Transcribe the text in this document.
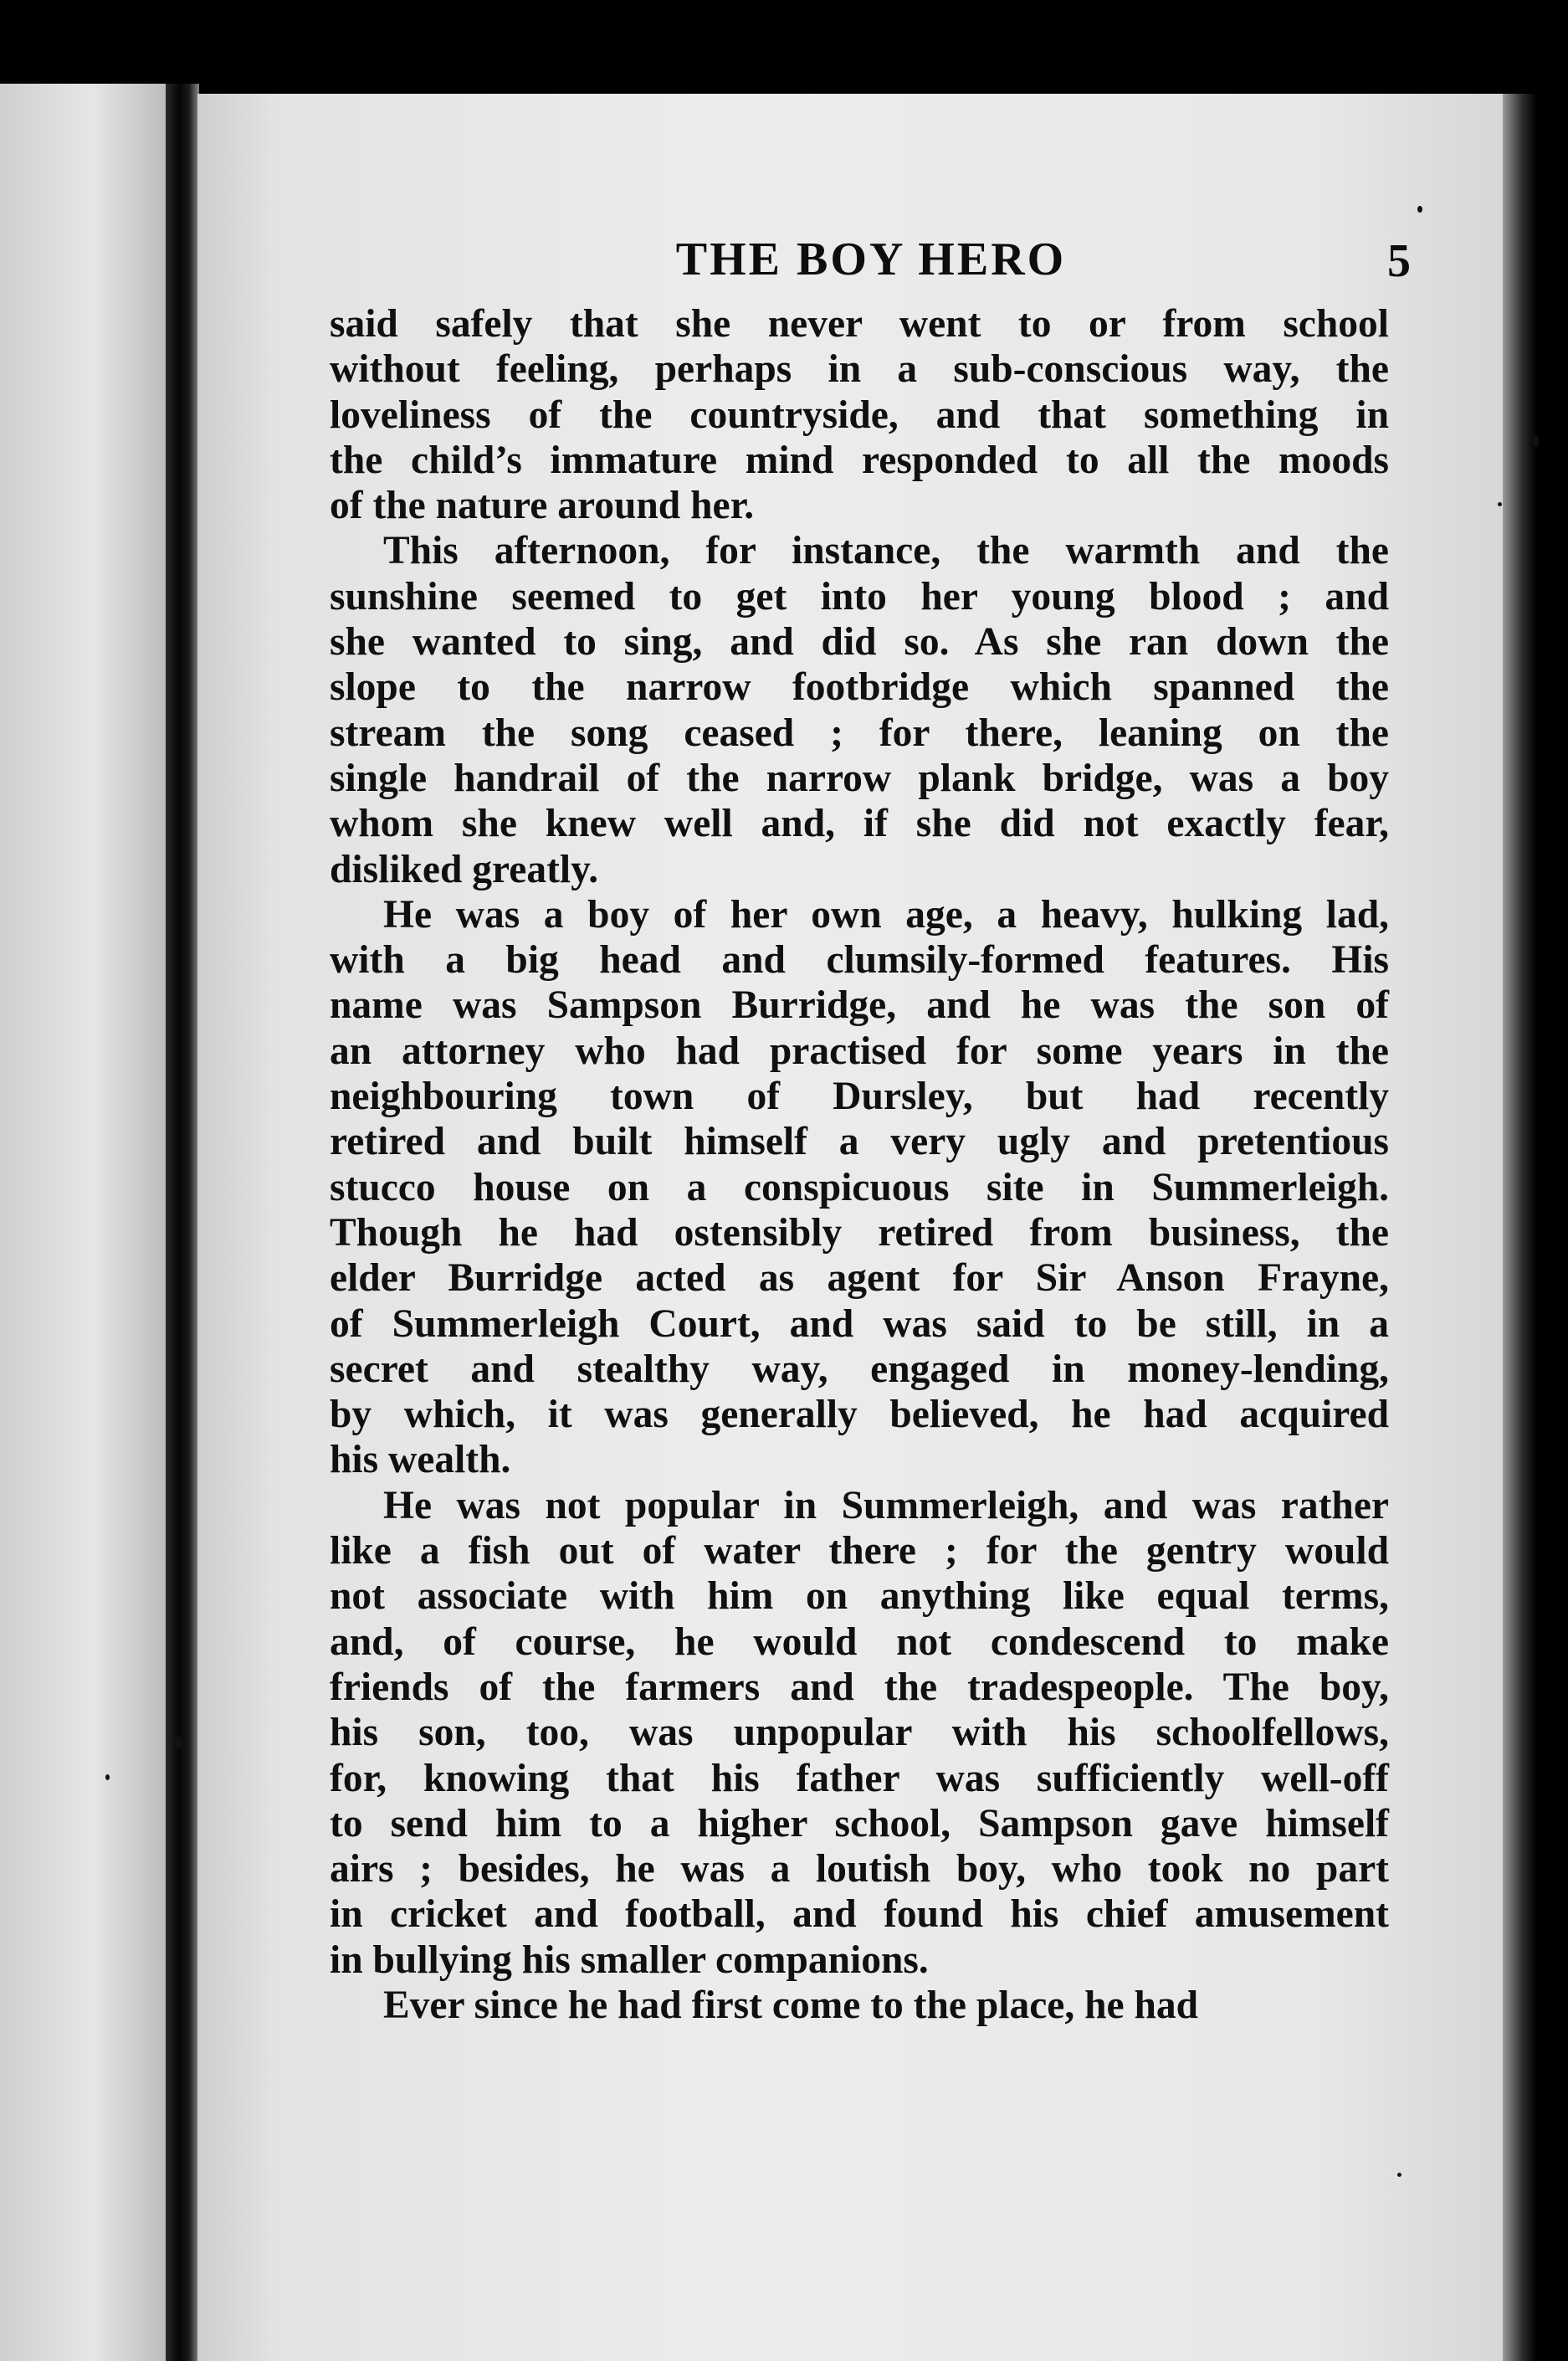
THE BOY HERO	5
said safely that she never went to or from school
without feeling, perhaps in a sub-conscious way, the
loveliness of the countryside, and that something in
the child’s immature mind responded to all the moods
of the nature around her.
This afternoon, for instance, the warmth and the
sunshine seemed to get into her young blood ; and
she wanted to sing, and did so. As she ran down the
slope to the narrow footbridge which spanned the
stream the song ceased ; for there, leaning on the
single handrail of the narrow plank bridge, was a boy
whom she knew well and, if she did not exactly fear,
disliked greatly.
He was a boy of her own age, a heavy, hulking lad,
with a big head and clumsily-formed features. His
name was Sampson Burridge, and he was the son of
an attorney who had practised for some years in the
neighbouring town of Dursley, but had recently
retired and built himself a very ugly and pretentious
stucco house on a conspicuous site in Summerleigh.
Though he had ostensibly retired from business, the
elder Burridge acted as agent for Sir Anson Frayne,
of Summerleigh Court, and was said to be still, in a
secret and stealthy way, engaged in money-lending,
by which, it was generally believed, he had acquired
his wealth.
He was not popular in Summerleigh, and was rather
like a fish out of water there ; for the gentry would
not associate with him on anything like equal terms,
and, of course, he would not condescend to make
friends of the farmers and the tradespeople. The boy,
his son, too, was unpopular with his schoolfellows,
for, knowing that his father was sufficiently well-off
to send him to a higher school, Sampson gave himself
airs ; besides, he was a loutish boy, who took no part
in cricket and football, and found his chief amusement
in bullying his smaller companions.
Ever since he had first come to the place, he had
